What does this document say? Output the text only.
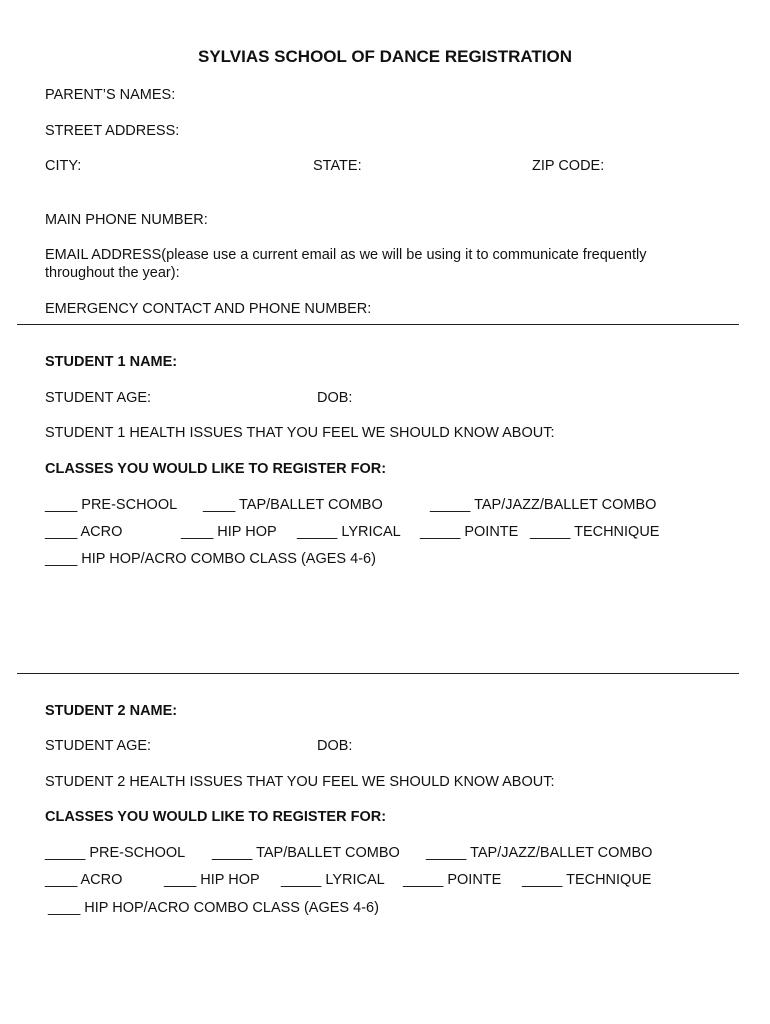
SYLVIAS SCHOOL OF DANCE REGISTRATION
PARENT’S NAMES:
STREET ADDRESS:
CITY:	STATE:	ZIP CODE:
MAIN PHONE NUMBER:
EMAIL ADDRESS(please use a current email as we will be using it to communicate frequently
throughout the year):
EMERGENCY CONTACT AND PHONE NUMBER:
STUDENT 1 NAME:
STUDENT AGE:	DOB:
STUDENT 1 HEALTH ISSUES THAT YOU FEEL WE SHOULD KNOW ABOUT:
CLASSES YOU WOULD LIKE TO REGISTER FOR:
____ PRE-SCHOOL ____ TAP/BALLET COMBO	_____ TAP/JAZZ/BALLET COMBO
____ ACRO	____ HIP HOP _____ LYRICAL _____ POINTE _____ TECHNIQUE
____ HIP HOP/ACRO COMBO CLASS (AGES 4-6)
STUDENT 2 NAME:
STUDENT AGE:	DOB:
STUDENT 2 HEALTH ISSUES THAT YOU FEEL WE SHOULD KNOW ABOUT:
CLASSES YOU WOULD LIKE TO REGISTER FOR:
_____ PRE-SCHOOL _____ TAP/BALLET COMBO _____ TAP/JAZZ/BALLET COMBO
____ ACRO	____ HIP HOP _____ LYRICAL _____ POINTE _____ TECHNIQUE
____ HIP HOP/ACRO COMBO CLASS (AGES 4-6)
